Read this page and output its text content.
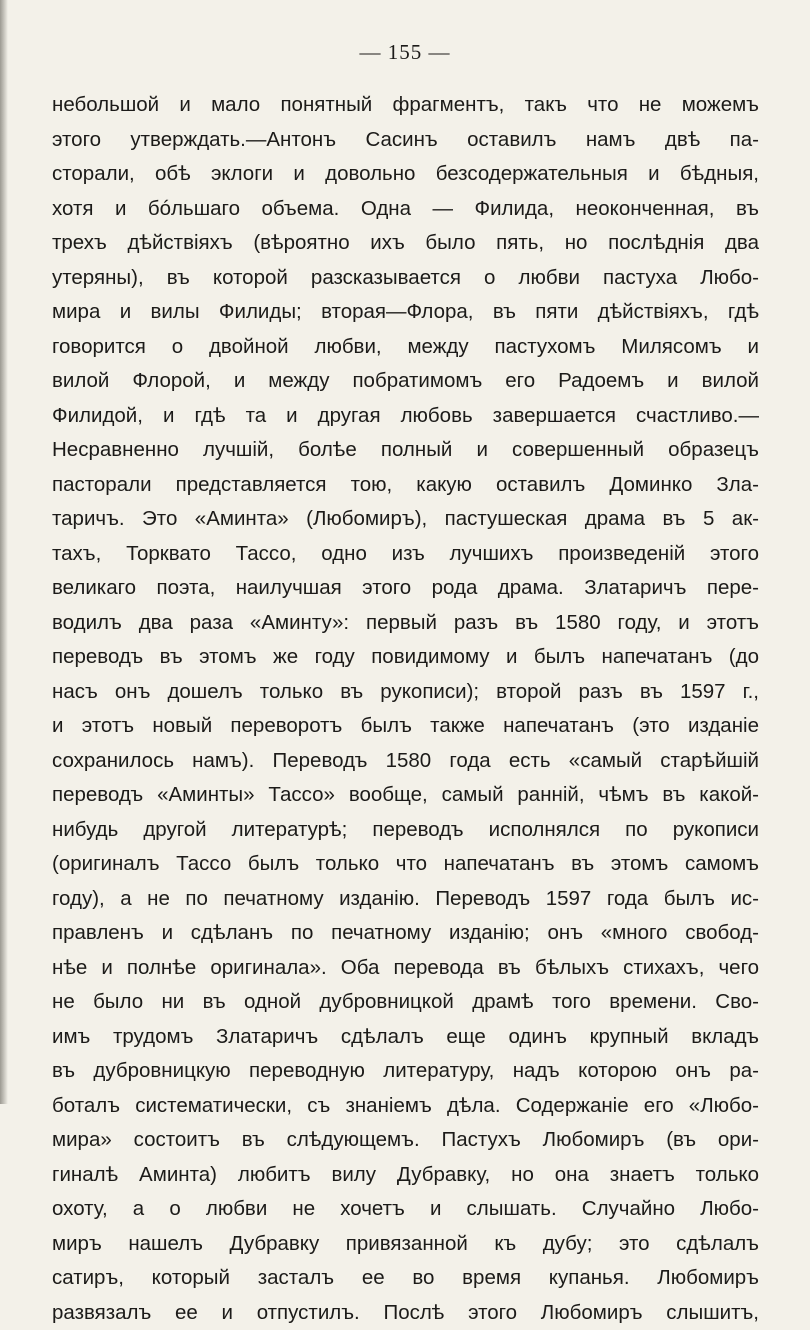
— 155 —
небольшой и мало понятный фрагментъ, такъ что не можемъ
этого утверждать.—Антонъ Сасинъ оставилъ намъ двѣ па-
сторали, обѣ эклоги и довольно безсодержательныя и бѣдныя,
хотя и бóльшаго объема. Одна — Филида, неоконченная, въ
трехъ дѣйствiяхъ (вѣроятно ихъ было пять, но послѣднiя два
утеряны), въ которой разсказывается о любви пастуха Любо-
мира и вилы Филиды; вторая—Флора, въ пяти дѣйствiяхъ, гдѣ
говорится о двойной любви, между пастухомъ Милясомъ и
вилой Флорой, и между побратимомъ его Радоемъ и вилой
Филидой, и гдѣ та и другая любовь завершается счастливо.—
Несравненно лучшiй, болѣе полный и совершенный образецъ
пасторали представляется тою, какую оставилъ Доминко Зла-
таричъ. Это «Аминта» (Любомиръ), пастушеская драма въ 5 ак-
тахъ, Торквато Тассо, одно изъ лучшихъ произведенiй этого
великаго поэта, наилучшая этого рода драма. Златаричъ пере-
водилъ два раза «Аминту»: первый разъ въ 1580 году, и этотъ
переводъ въ этомъ же году повидимому и былъ напечатанъ (до
насъ онъ дошелъ только въ рукописи); второй разъ въ 1597 г.,
и этотъ новый переворотъ былъ также напечатанъ (это изданiе
сохранилось намъ). Переводъ 1580 года есть «самый старѣйшiй
переводъ «Аминты» Тассо» вообще, самый раннiй, чѣмъ въ какой-
нибудь другой литературѣ; переводъ исполнялся по рукописи
(оригиналъ Тассо былъ только что напечатанъ въ этомъ самомъ
году), а не по печатному изданiю. Переводъ 1597 года былъ ис-
правленъ и сдѣланъ по печатному изданiю; онъ «много свобод-
нѣе и полнѣе оригинала». Оба перевода въ бѣлыхъ стихахъ, чего
не было ни въ одной дубровницкой драмѣ того времени. Сво-
имъ трудомъ Златаричъ сдѣлалъ еще одинъ крупный вкладъ
въ дубровницкую переводную литературу, надъ которою онъ ра-
боталъ систематически, съ знанiемъ дѣла. Содержанiе его «Любо-
мира» состоитъ въ слѣдующемъ. Пастухъ Любомиръ (въ ори-
гиналѣ Аминта) любитъ вилу Дубравку, но она знаетъ только
охоту, а о любви не хочетъ и слышать. Случайно Любо-
миръ нашелъ Дубравку привязанной къ дубу; это сдѣлалъ
сатиръ, который засталъ ее во время купанья. Любомиръ
развязалъ ее и отпустилъ. Послѣ этого Любомиръ слышитъ,
